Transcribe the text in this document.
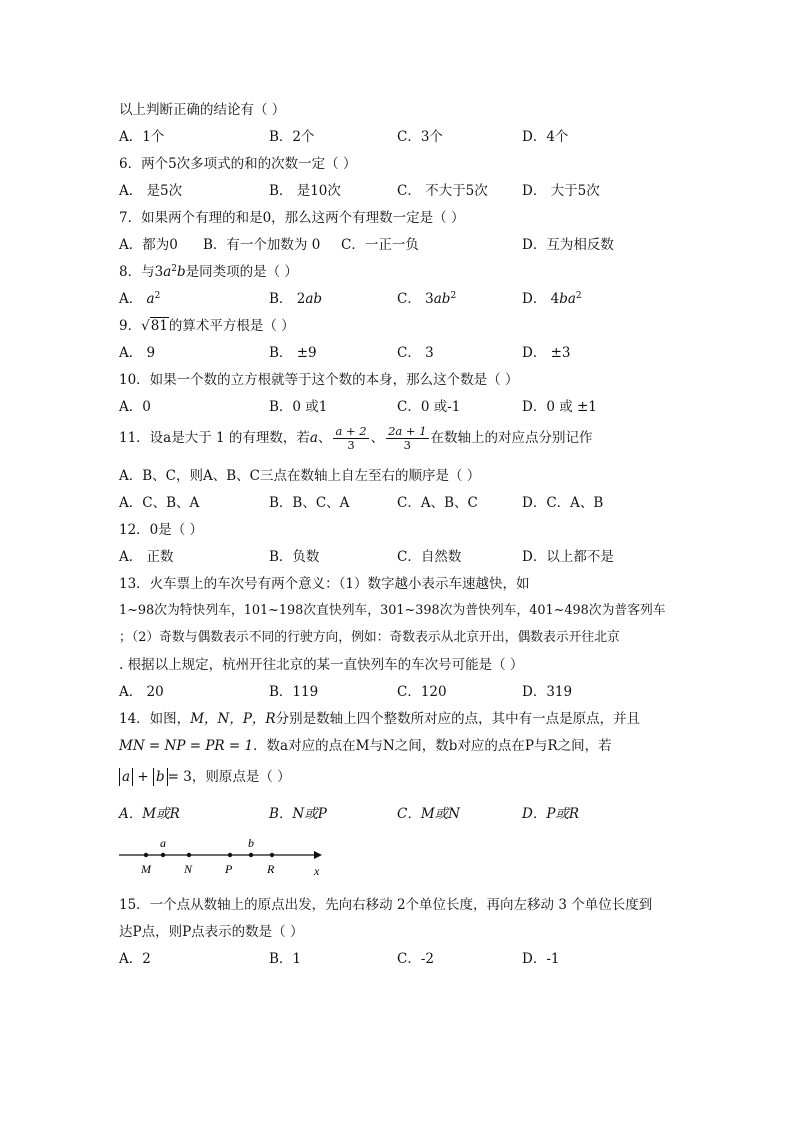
以上判断正确的结论有（ ）
A．1个	B．2个	C．3个	D．4个
6．两个5次多项式的和的次数一定（ ）
A． 是5次	B． 是10次	C． 不大于5次	D． 大于5次
7．如果两个有理的和是0，那么这两个有理数一定是（ ）
A．都为0 B．有一个加数为 0 C．一正一负	D．互为相反数
8．与$3a^2b$是同类项的是（ ）
A． $a^2$	B． 2ab	C． $3ab^2$	D． $4ba^2$
9．√81的算术平方根是（ ）
A． 9	B． ±9	C． 3	D． ±3
10．如果一个数的立方根就等于这个数的本身，那么这个数是（ ）
A．0	B．0 或1	C．0 或-1	D．0 或 ±1
11．设a是大于 1 的有理数，若a、 $\frac{a + 2}{3}$ 、 $\frac{2a + 1}{3}$ 在数轴上的对应点分别记作
A．B、C，则A、B、C三点在数轴上自左至右的顺序是（ ）
A．C、B、A	B．B、C、A	C．A、B、C	D．C．A、B
12．0是（ ）
A． 正数	B．负数	C．自然数	D．以上都不是
13．火车票上的车次号有两个意义：（1）数字越小表示车速越快，如
1~98次为特快列车，101~198次直快列车，301~398次为普快列车，401~498次为普客列车
；（2）奇数与偶数表示不同的行驶方向，例如：奇数表示从北京开出，偶数表示开往北京
. 根据以上规定，杭州开往北京的某一直快列车的车次号可能是（ ）
A． 20	B．119	C．120	D．319
14．如图，M，N，P，R分别是数轴上四个整数所对应的点，其中有一点是原点，并且
MN = NP = PR = 1．数a对应的点在M与N之间，数b对应的点在P与R之间，若
a + b = 3，则原点是（ ）
A．M或R	B．N或P	C．M或N	D．P或R
M	N	P	R
a	b
x
15．一个点从数轴上的原点出发，先向右移动 2个单位长度，再向左移动 3 个单位长度到
达P点，则P点表示的数是（ ）
A．2	B．1	C．-2	D．-1
